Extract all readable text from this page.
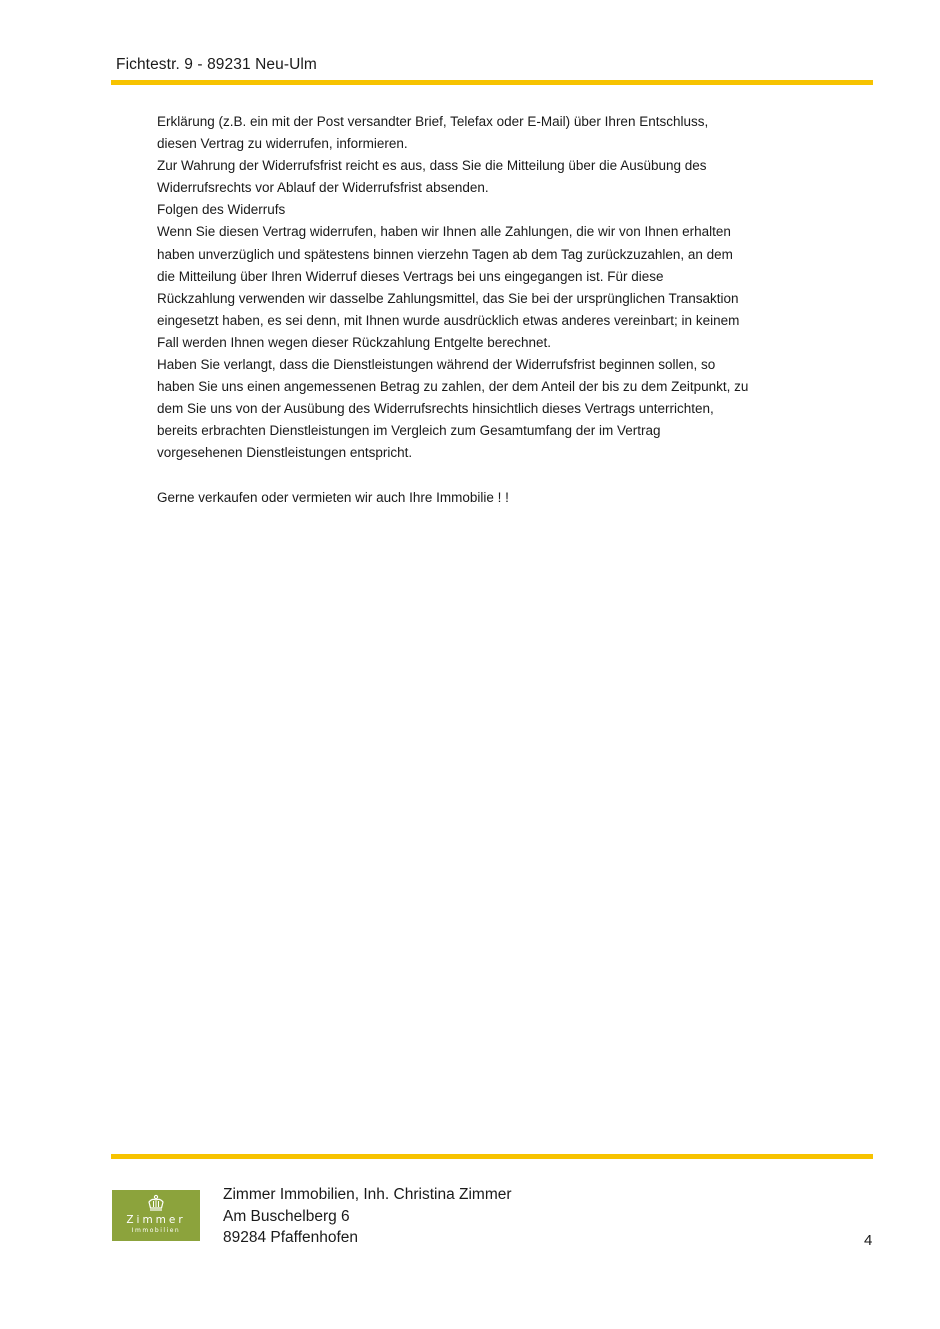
Fichtestr. 9 - 89231 Neu-Ulm
Erklärung (z.B. ein mit der Post versandter Brief, Telefax oder E-Mail) über Ihren Entschluss,
diesen Vertrag zu widerrufen, informieren.
Zur Wahrung der Widerrufsfrist reicht es aus, dass Sie die Mitteilung über die Ausübung des
Widerrufsrechts vor Ablauf der Widerrufsfrist absenden.
Folgen des Widerrufs
Wenn Sie diesen Vertrag widerrufen, haben wir Ihnen alle Zahlungen, die wir von Ihnen erhalten
haben unverzüglich und spätestens binnen vierzehn Tagen ab dem Tag zurückzuzahlen, an dem
die Mitteilung über Ihren Widerruf dieses Vertrags bei uns eingegangen ist. Für diese
Rückzahlung verwenden wir dasselbe Zahlungsmittel, das Sie bei der ursprünglichen Transaktion
eingesetzt haben, es sei denn, mit Ihnen wurde ausdrücklich etwas anderes vereinbart; in keinem
Fall werden Ihnen wegen dieser Rückzahlung Entgelte berechnet.
Haben Sie verlangt, dass die Dienstleistungen während der Widerrufsfrist beginnen sollen, so
haben Sie uns einen angemessenen Betrag zu zahlen, der dem Anteil der bis zu dem Zeitpunkt, zu
dem Sie uns von der Ausübung des Widerrufsrechts hinsichtlich dieses Vertrags unterrichten,
bereits erbrachten Dienstleistungen im Vergleich zum Gesamtumfang der im Vertrag
vorgesehenen Dienstleistungen entspricht.
Gerne verkaufen oder vermieten wir auch Ihre Immobilie ! !
Zimmer
Immobilien
Zimmer Immobilien, Inh. Christina Zimmer
Am Buschelberg 6
89284 Pfaffenhofen	4
